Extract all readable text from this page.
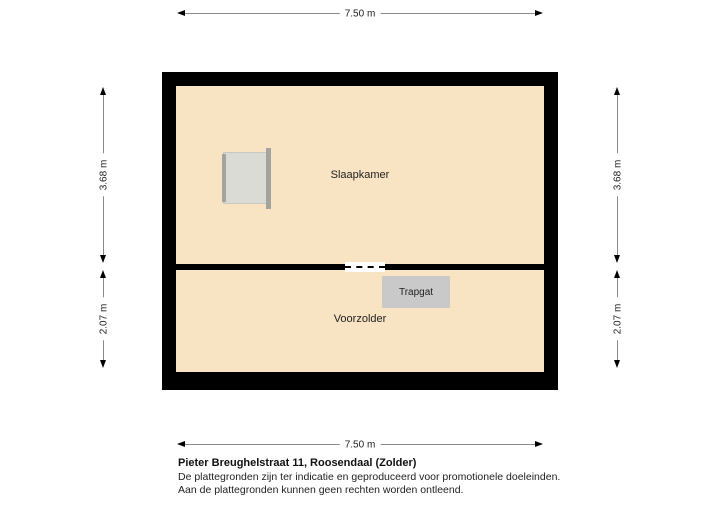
7.50 m
3.68 m
2.07 m
3.68 m
2.07 m
Slaapkamer
Voorzolder
Trapgat
7.50 m

Pieter Breughelstraat 11, Roosendaal (Zolder)

De plattegronden zijn ter indicatie en geproduceerd voor promotionele doeleinden.

Aan de plattegronden kunnen geen rechten worden ontleend.
